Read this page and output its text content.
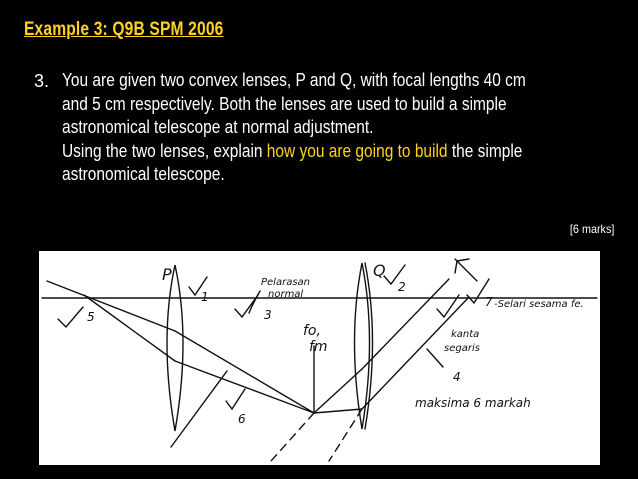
Example 3: Q9B SPM 2006
3. You are given two convex lenses, P and Q, with focal lengths 40 cm
and 5 cm respectively. Both the lenses are used to build a simple
astronomical telescope at normal adjustment.
Using the two lenses, explain how you are going to build the simple
astronomical telescope.
[6 marks]
P	Q
1
2
3
4
5
6
7
Pelarasan
normal
fo,
fm
-Selari sesama fe.
kanta
segaris
maksima 6 markah
